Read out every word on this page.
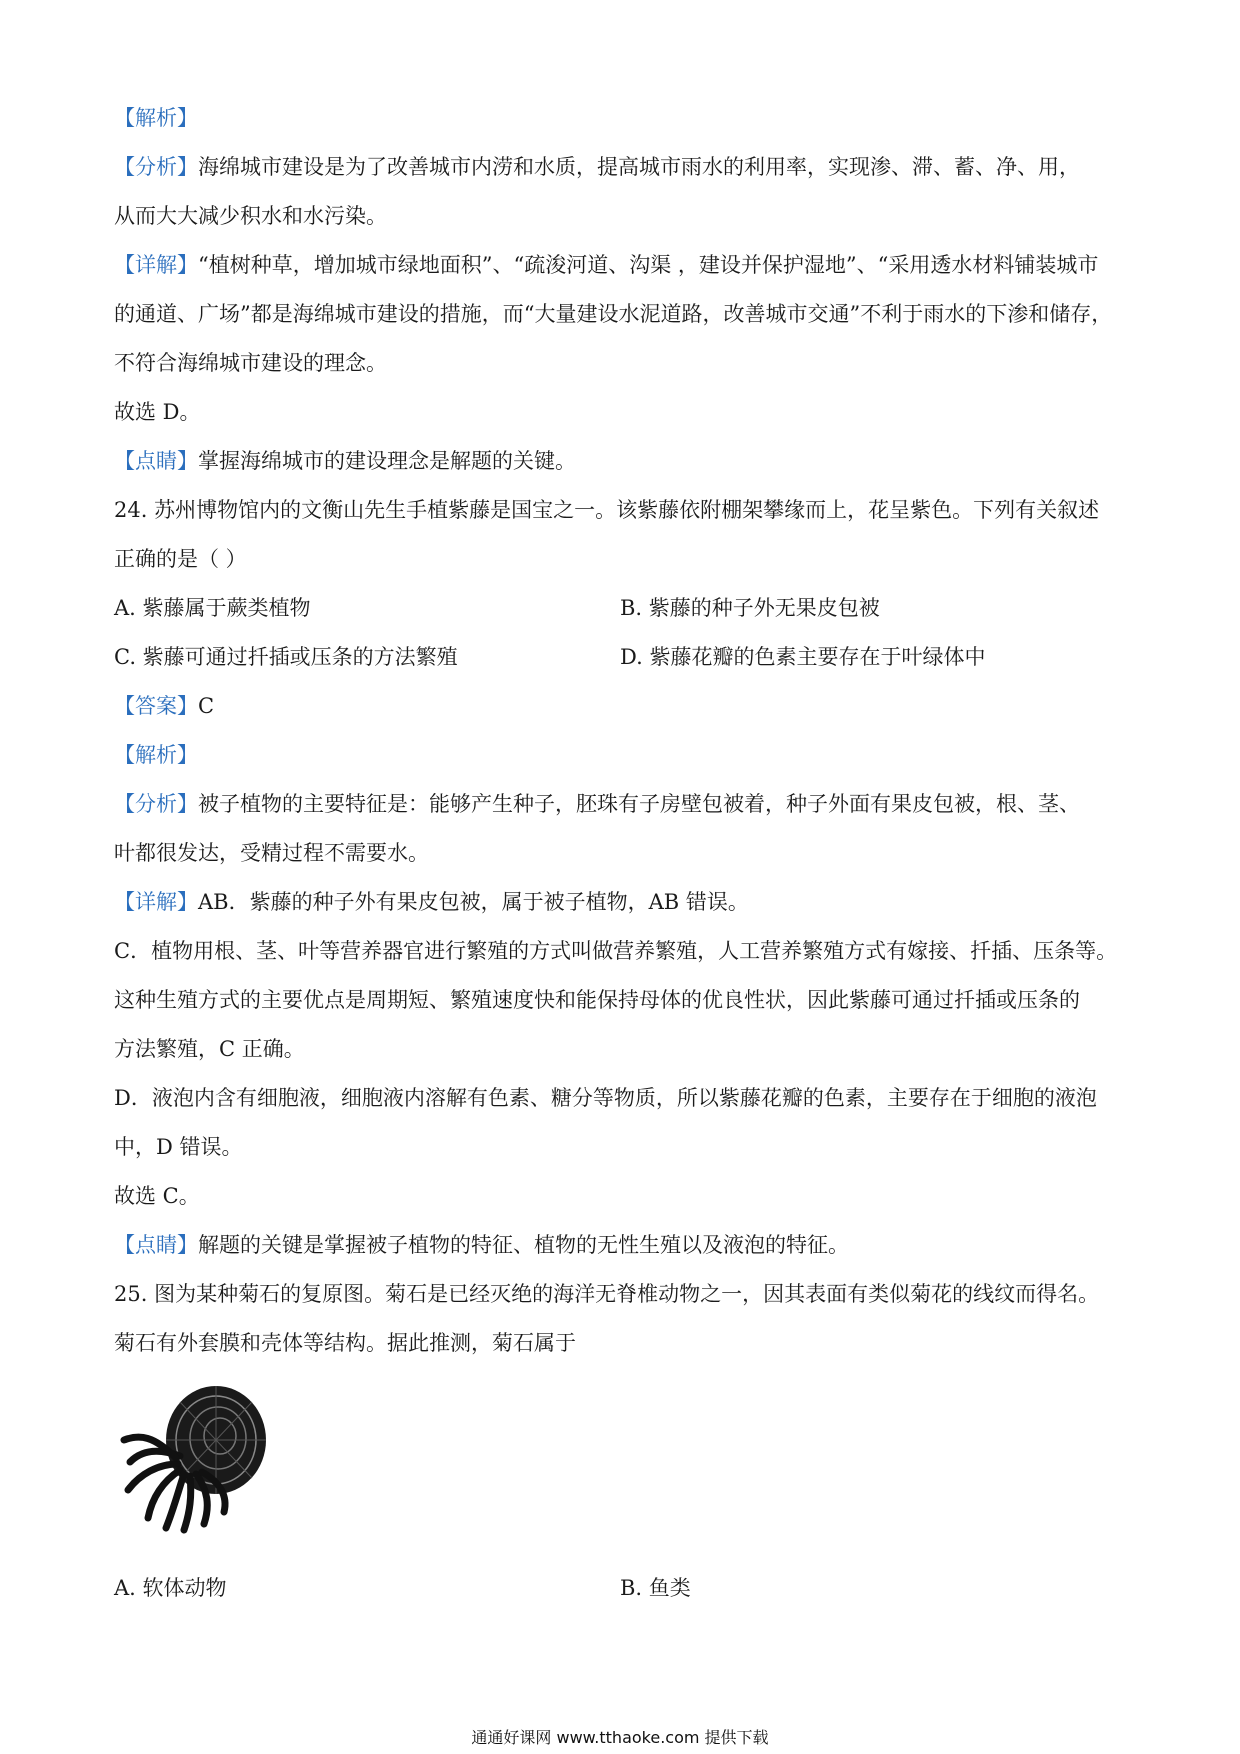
【解析】
【分析】海绵城市建设是为了改善城市内涝和水质，提高城市雨水的利用率，实现渗、滞、蓄、净、用，
从而大大减少积水和水污染。
【详解】“植树种草，增加城市绿地面积”、“疏浚河道、沟渠 ，建设并保护湿地”、“采用透水材料铺装城市
的通道、广场”都是海绵城市建设的措施，而“大量建设水泥道路，改善城市交通”不利于雨水的下渗和储存，
不符合海绵城市建设的理念。
故选 D。
【点睛】掌握海绵城市的建设理念是解题的关键。
24. 苏州博物馆内的文衡山先生手植紫藤是国宝之一。该紫藤依附棚架攀缘而上，花呈紫色。下列有关叙述
正确的是（ ）
A. 紫藤属于蕨类植物	B. 紫藤的种子外无果皮包被
C. 紫藤可通过扦插或压条的方法繁殖	D. 紫藤花瓣的色素主要存在于叶绿体中
【答案】C
【解析】
【分析】被子植物的主要特征是：能够产生种子，胚珠有子房壁包被着，种子外面有果皮包被，根、茎、
叶都很发达，受精过程不需要水。
【详解】AB．紫藤的种子外有果皮包被，属于被子植物，AB 错误。
C．植物用根、茎、叶等营养器官进行繁殖的方式叫做营养繁殖，人工营养繁殖方式有嫁接、扦插、压条等。
这种生殖方式的主要优点是周期短、繁殖速度快和能保持母体的优良性状，因此紫藤可通过扦插或压条的
方法繁殖，C 正确。
D．液泡内含有细胞液，细胞液内溶解有色素、糖分等物质，所以紫藤花瓣的色素，主要存在于细胞的液泡
中，D 错误。
故选 C。
【点睛】解题的关键是掌握被子植物的特征、植物的无性生殖以及液泡的特征。
25. 图为某种菊石的复原图。菊石是已经灭绝的海洋无脊椎动物之一，因其表面有类似菊花的线纹而得名。
菊石有外套膜和壳体等结构。据此推测，菊石属于
A. 软体动物	B. 鱼类
通通好课网 www.tthaoke.com 提供下载
